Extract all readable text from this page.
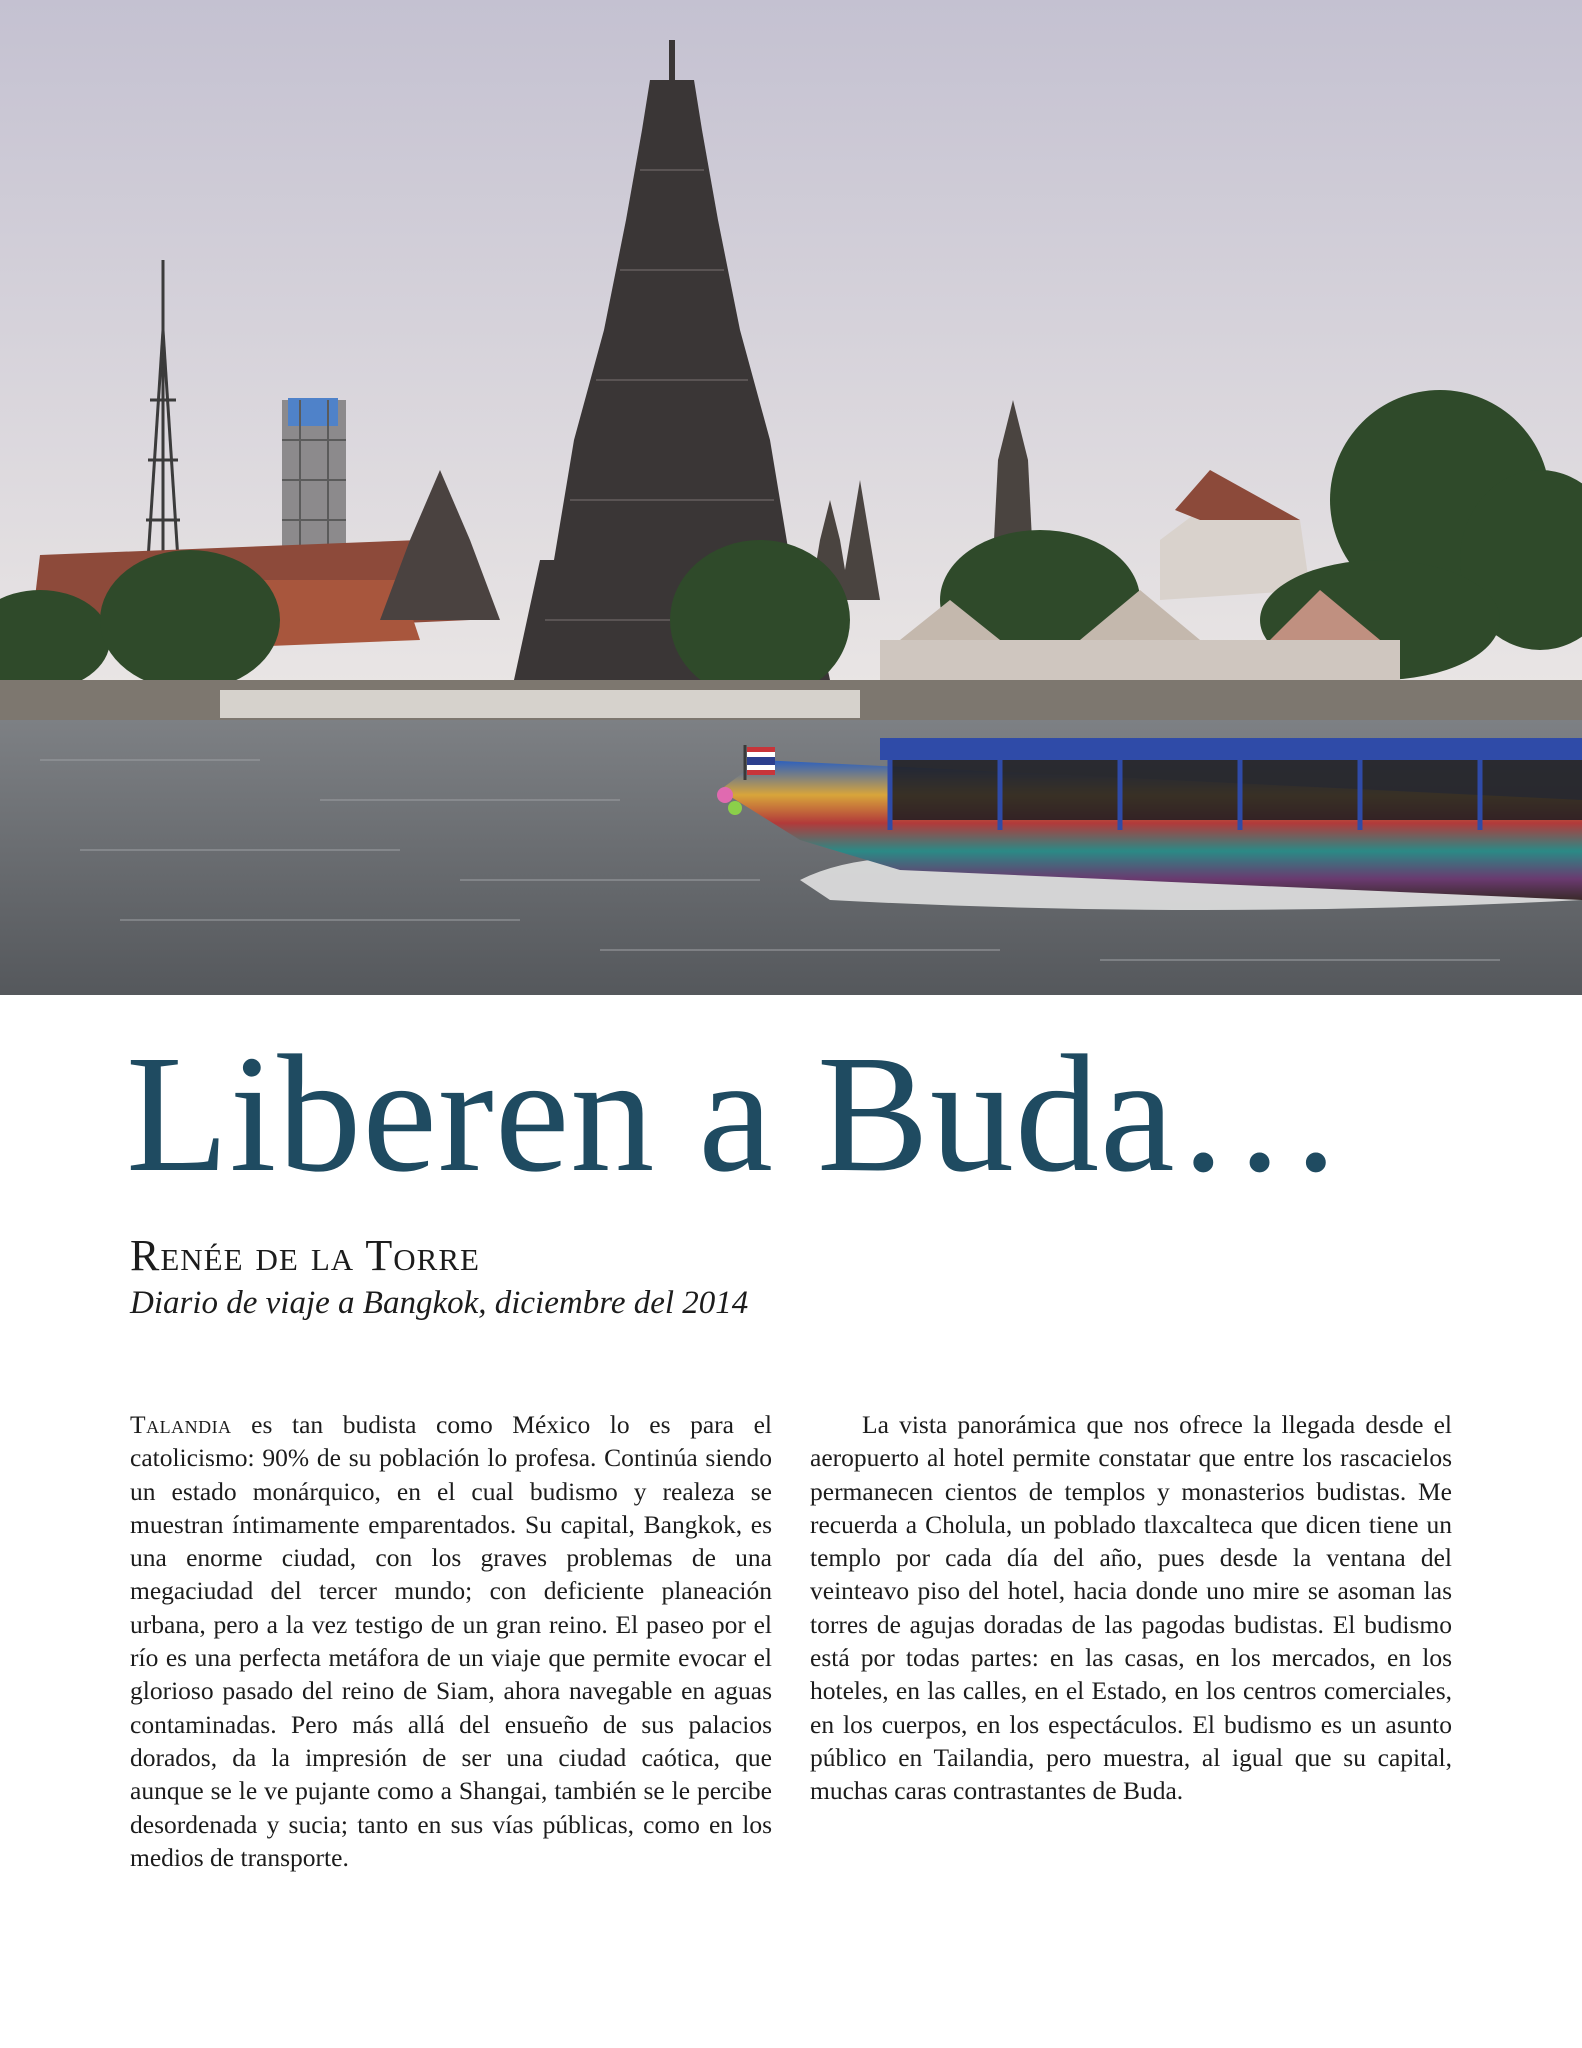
Liberen a Buda…
Renée de la Torre
Diario de viaje a Bangkok, diciembre del 2014

Talandia es tan budista como México lo es para el catolicismo: 90% de su población lo profesa. Continúa siendo un estado monárquico, en el cual budismo y realeza se muestran íntimamente emparentados. Su capital, Bangkok, es una enorme ciudad, con los graves problemas de una megaciudad del tercer mundo; con deficiente planeación urbana, pero a la vez testigo de un gran reino. El paseo por el río es una perfecta metáfora de un viaje que permite evocar el glorioso pasado del reino de Siam, ahora navegable en aguas contaminadas. Pero más allá del ensueño de sus palacios dorados, da la impresión de ser una ciudad caótica, que aunque se le ve pujante como a Shangai, también se le percibe desordenada y sucia; tanto en sus vías públicas, como en los medios de transporte.

La vista panorámica que nos ofrece la llegada desde el aeropuerto al hotel permite constatar que entre los rascacielos permanecen cientos de templos y monasterios budistas. Me recuerda a Cholula, un poblado tlaxcalteca que dicen tiene un templo por cada día del año, pues desde la ventana del veinteavo piso del hotel, hacia donde uno mire se asoman las torres de agujas doradas de las pagodas budistas. El budismo está por todas partes: en las casas, en los mercados, en los hoteles, en las calles, en el Estado, en los centros comerciales, en los cuerpos, en los espectáculos. El budismo es un asunto público en Tailandia, pero muestra, al igual que su capital, muchas caras contrastantes de Buda.
